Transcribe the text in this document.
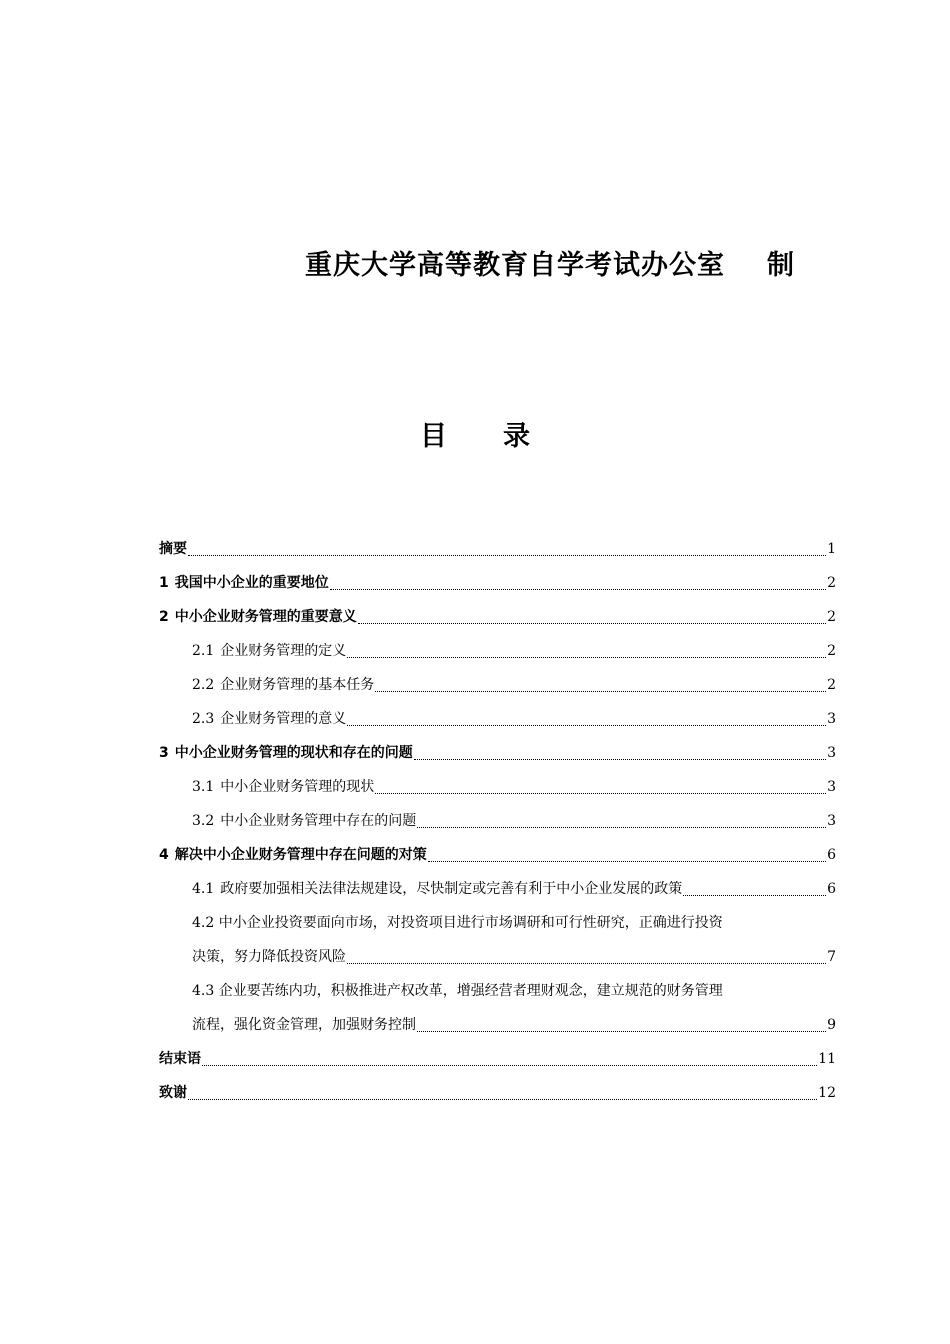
重庆大学高等教育自学考试办公室 制
目 录
摘要	1
1 我国中小企业的重要地位	2
2 中小企业财务管理的重要意义	2
2.1 企业财务管理的定义	2
2.2 企业财务管理的基本任务	2
2.3 企业财务管理的意义	3
3 中小企业财务管理的现状和存在的问题	3
3.1 中小企业财务管理的现状	3
3.2 中小企业财务管理中存在的问题	3
4 解决中小企业财务管理中存在问题的对策	6
4.1 政府要加强相关法律法规建设，尽快制定或完善有利于中小企业发展的政策	6
4.2 中小企业投资要面向市场，对投资项目进行市场调研和可行性研究，正确进行投资
决策，努力降低投资风险	7
4.3 企业要苦练内功，积极推进产权改革，增强经营者理财观念，建立规范的财务管理
流程，强化资金管理，加强财务控制	9
结束语	11
致谢	12
